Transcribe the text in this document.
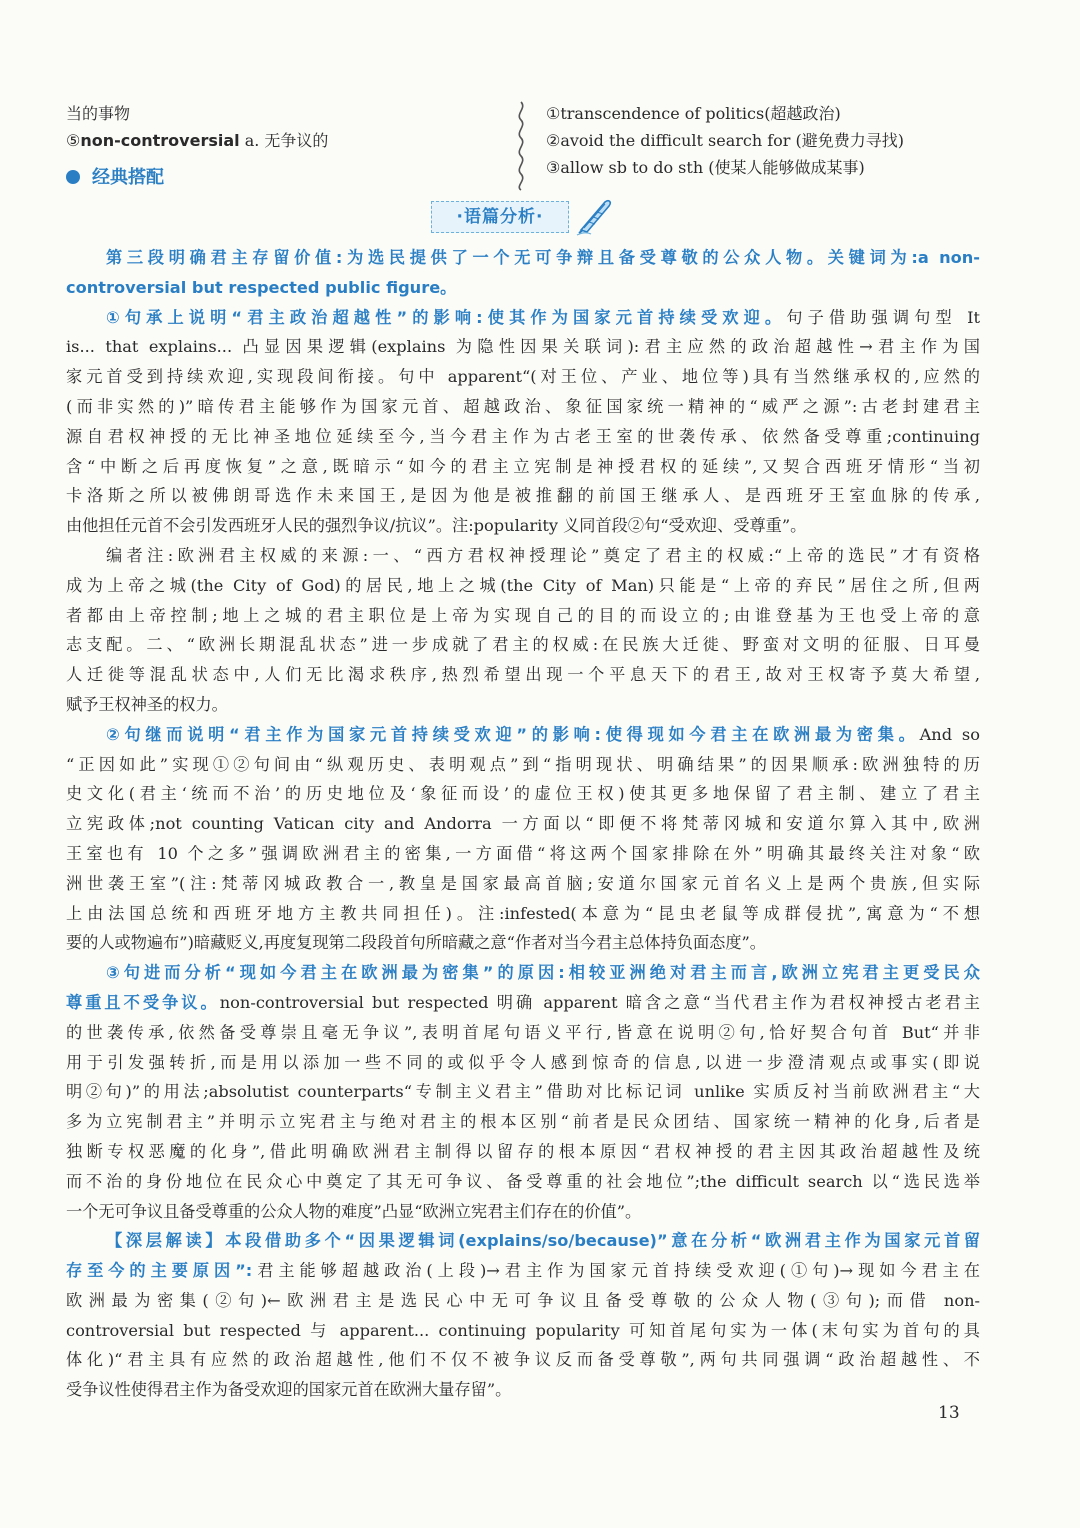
当的事物
⑤non-controversial a. 无争议的
经典搭配
①transcendence of politics(超越政治)
②avoid the difficult search for (避免费力寻找)
③allow sb to do sth (使某人能够做成某事)
·语篇分析·
第三段明确君主存留价值:为选民提供了一个无可争辩且备受尊敬的公众人物。关键词为:a non-
controversial but respected public figure。
①句承上说明“君主政治超越性”的影响:使其作为国家元首持续受欢迎。句子借助强调句型 It
is... that explains... 凸显因果逻辑(explains 为隐性因果关联词):君主应然的政治超越性→君主作为国
家元首受到持续欢迎,实现段间衔接。句中 apparent“(对王位、产业、地位等)具有当然继承权的,应然的
(而非实然的)”暗传君主能够作为国家元首、超越政治、象征国家统一精神的“威严之源”:古老封建君主
源自君权神授的无比神圣地位延续至今,当今君主作为古老王室的世袭传承、依然备受尊重;continuing
含“中断之后再度恢复”之意,既暗示“如今的君主立宪制是神授君权的延续”,又契合西班牙情形“当初
卡洛斯之所以被佛朗哥选作未来国王,是因为他是被推翻的前国王继承人、是西班牙王室血脉的传承,
由他担任元首不会引发西班牙人民的强烈争议/抗议”。注:popularity 义同首段②句“受欢迎、受尊重”。
编者注:欧洲君主权威的来源:一、“西方君权神授理论”奠定了君主的权威:“上帝的选民”才有资格
成为上帝之城(the City of God)的居民,地上之城(the City of Man)只能是“上帝的弃民”居住之所,但两
者都由上帝控制;地上之城的君主职位是上帝为实现自己的目的而设立的;由谁登基为王也受上帝的意
志支配。二、“欧洲长期混乱状态”进一步成就了君主的权威:在民族大迁徙、野蛮对文明的征服、日耳曼
人迁徙等混乱状态中,人们无比渴求秩序,热烈希望出现一个平息天下的君王,故对王权寄予莫大希望,
赋予王权神圣的权力。
②句继而说明“君主作为国家元首持续受欢迎”的影响:使得现如今君主在欧洲最为密集。And so
“正因如此”实现①②句间由“纵观历史、表明观点”到“指明现状、明确结果”的因果顺承:欧洲独特的历
史文化(君主‘统而不治’的历史地位及‘象征而设’的虚位王权)使其更多地保留了君主制、建立了君主
立宪政体;not counting Vatican city and Andorra 一方面以“即便不将梵蒂冈城和安道尔算入其中,欧洲
王室也有 10 个之多”强调欧洲君主的密集,一方面借“将这两个国家排除在外”明确其最终关注对象“欧
洲世袭王室”(注:梵蒂冈城政教合一,教皇是国家最高首脑;安道尔国家元首名义上是两个贵族,但实际
上由法国总统和西班牙地方主教共同担任)。注:infested(本意为“昆虫老鼠等成群侵扰”,寓意为“不想
要的人或物遍布”)暗藏贬义,再度复现第二段段首句所暗藏之意“作者对当今君主总体持负面态度”。
③句进而分析“现如今君主在欧洲最为密集”的原因:相较亚洲绝对君主而言,欧洲立宪君主更受民众
尊重且不受争议。non-controversial but respected 明确 apparent 暗含之意“当代君主作为君权神授古老君主
的世袭传承,依然备受尊崇且毫无争议”,表明首尾句语义平行,皆意在说明②句,恰好契合句首 But“并非
用于引发强转折,而是用以添加一些不同的或似乎令人感到惊奇的信息,以进一步澄清观点或事实(即说
明②句)”的用法;absolutist counterparts“专制主义君主”借助对比标记词 unlike 实质反衬当前欧洲君主“大
多为立宪制君主”并明示立宪君主与绝对君主的根本区别“前者是民众团结、国家统一精神的化身,后者是
独断专权恶魔的化身”,借此明确欧洲君主制得以留存的根本原因“君权神授的君主因其政治超越性及统
而不治的身份地位在民众心中奠定了其无可争议、备受尊重的社会地位”;the difficult search 以“选民选举
一个无可争议且备受尊重的公众人物的难度”凸显“欧洲立宪君主们存在的价值”。
【深层解读】本段借助多个“因果逻辑词(explains/so/because)”意在分析“欧洲君主作为国家元首留
存至今的主要原因”:君主能够超越政治(上段)→君主作为国家元首持续受欢迎(①句)→现如今君主在
欧洲最为密集(②句)←欧洲君主是选民心中无可争议且备受尊敬的公众人物(③句);而借 non-
controversial but respected 与 apparent... continuing popularity 可知首尾句实为一体(末句实为首句的具
体化)“君主具有应然的政治超越性,他们不仅不被争议反而备受尊敬”,两句共同强调“政治超越性、不
受争议性使得君主作为备受欢迎的国家元首在欧洲大量存留”。
13
